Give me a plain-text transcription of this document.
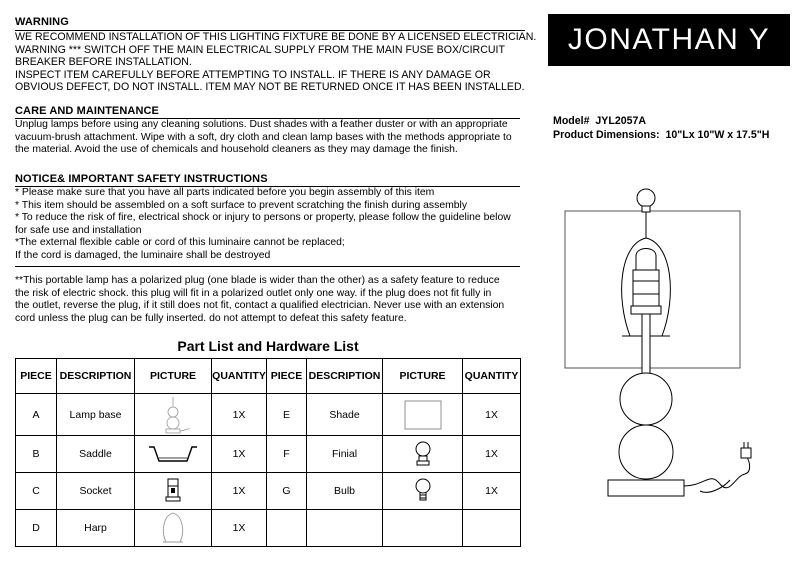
WARNING
WE RECOMMEND INSTALLATION OF THIS LIGHTING FIXTURE BE DONE BY A LICENSED ELECTRICIAN.
WARNING *** SWITCH OFF THE MAIN ELECTRICAL SUPPLY FROM THE MAIN FUSE BOX/CIRCUIT
BREAKER BEFORE INSTALLATION.
INSPECT ITEM CAREFULLY BEFORE ATTEMPTING TO INSTALL. IF THERE IS ANY DAMAGE OR
OBVIOUS DEFECT, DO NOT INSTALL. ITEM MAY NOT BE RETURNED ONCE IT HAS BEEN INSTALLED.
CARE AND MAINTENANCE
Unplug lamps before using any cleaning solutions. Dust shades with a feather duster or with an appropriate
vacuum-brush attachment. Wipe with a soft, dry cloth and clean lamp bases with the methods appropriate to
the material. Avoid the use of chemicals and household cleaners as they may damage the finish.
NOTICE& IMPORTANT SAFETY INSTRUCTIONS
* Please make sure that you have all parts indicated before you begin assembly of this item
* This item should be assembled on a soft surface to prevent scratching the finish during assembly
* To reduce the risk of fire, electrical shock or injury to persons or property, please follow the guideline below
for safe use and installation
*The external flexible cable or cord of this luminaire cannot be replaced;
If the cord is damaged, the luminaire shall be destroyed
**This portable lamp has a polarized plug (one blade is wider than the other) as a safety feature to reduce
the risk of electric shock. this plug will fit in a polarized outlet only one way. if the plug does not fit fully in
the outlet, reverse the plug, if it still does not fit, contact a qualified electrician. Never use with an extension
cord unless the plug can be fully inserted. do not attempt to defeat this safety feature.
JONATHAN Y
Model# JYL2057A
Product Dimensions: 10"Lx 10"W x 17.5"H
Part List and Hardware List
PIECE	DESCRIPTION	PICTURE	QUANTITY	PIECE	DESCRIPTION	PICTURE	QUANTITY
A	Lamp base		1X	E	Shade		1X
B	Saddle		1X	F	Finial		1X
C	Socket		1X	G	Bulb		1X
D	Harp		1X				
